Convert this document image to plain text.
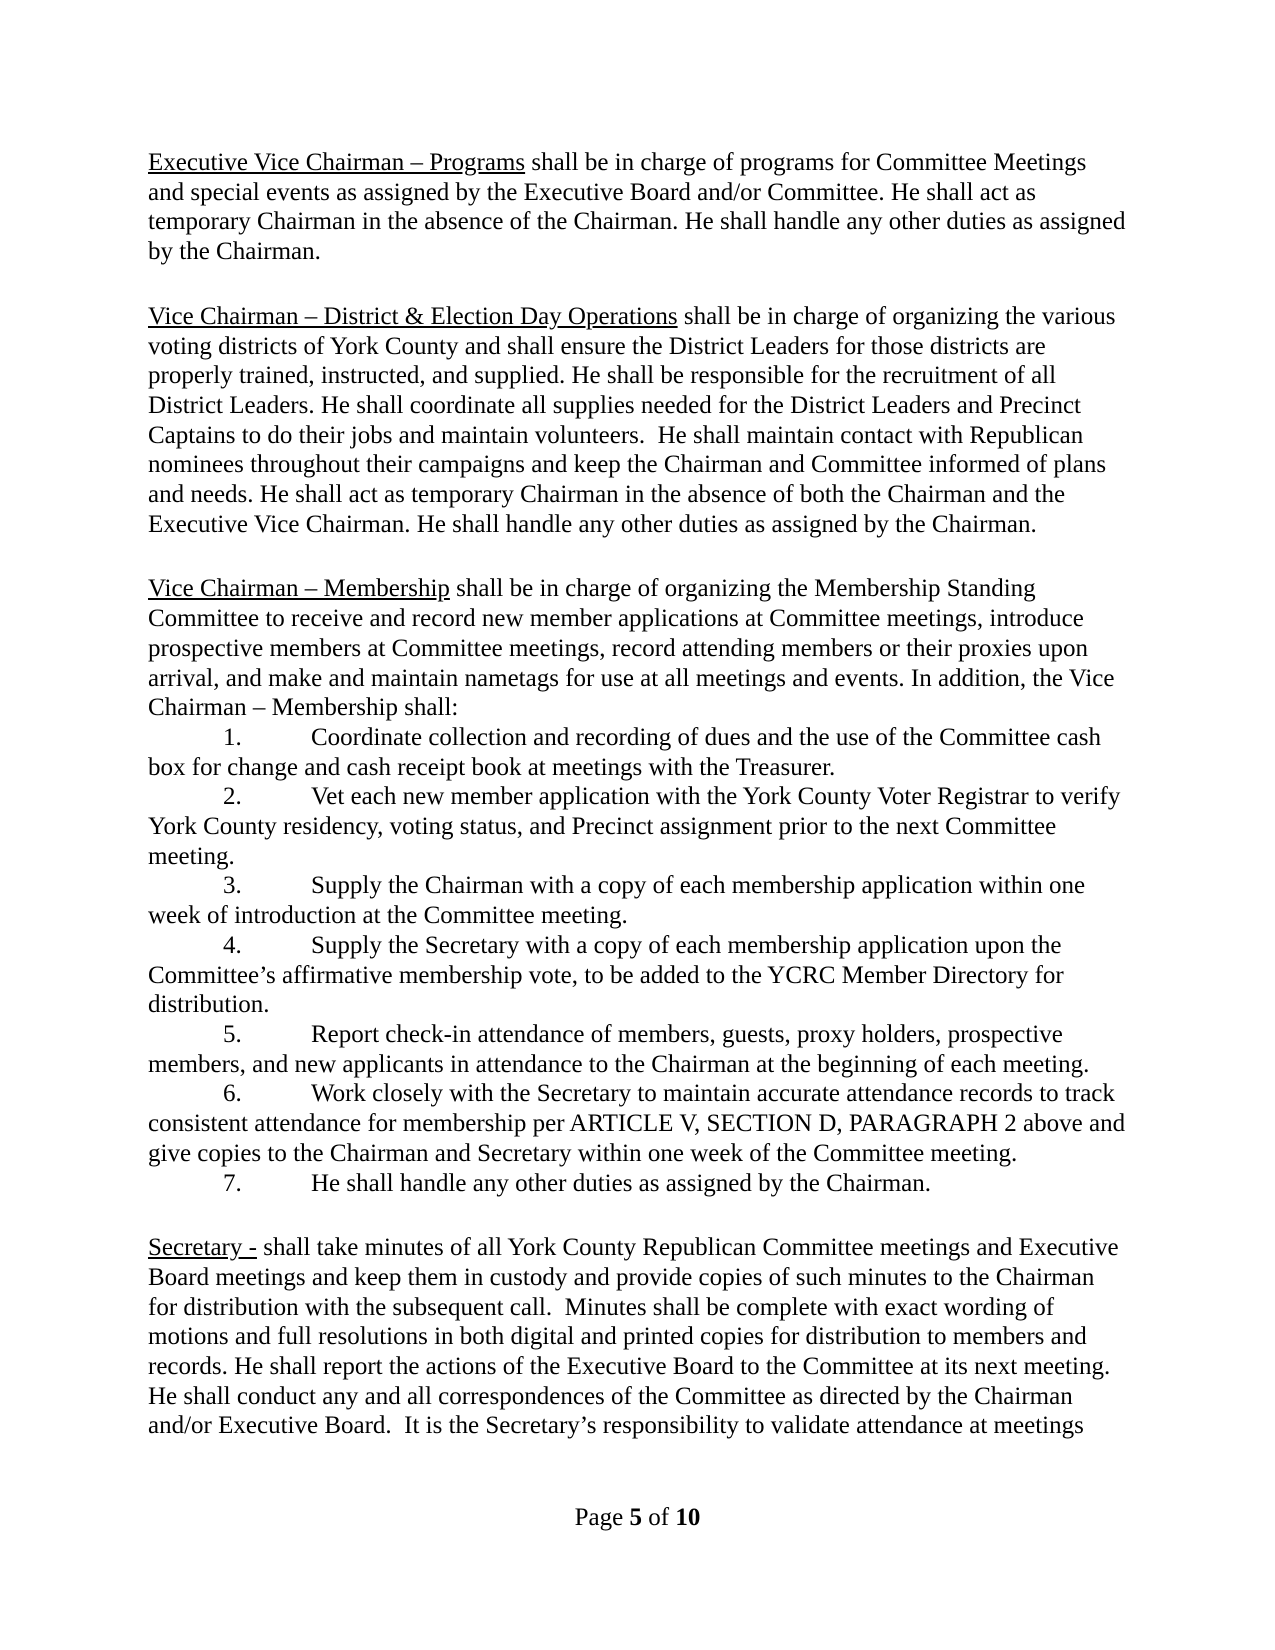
Executive Vice Chairman – Programs shall be in charge of programs for Committee Meetings and special events as assigned by the Executive Board and/or Committee. He shall act as temporary Chairman in the absence of the Chairman. He shall handle any other duties as assigned by the Chairman.

Vice Chairman – District & Election Day Operations shall be in charge of organizing the various voting districts of York County and shall ensure the District Leaders for those districts are properly trained, instructed, and supplied. He shall be responsible for the recruitment of all District Leaders. He shall coordinate all supplies needed for the District Leaders and Precinct Captains to do their jobs and maintain volunteers.  He shall maintain contact with Republican nominees throughout their campaigns and keep the Chairman and Committee informed of plans and needs. He shall act as temporary Chairman in the absence of both the Chairman and the Executive Vice Chairman. He shall handle any other duties as assigned by the Chairman.

Vice Chairman – Membership shall be in charge of organizing the Membership Standing Committee to receive and record new member applications at Committee meetings, introduce prospective members at Committee meetings, record attending members or their proxies upon arrival, and make and maintain nametags for use at all meetings and events. In addition, the Vice Chairman – Membership shall:

1.	Coordinate collection and recording of dues and the use of the Committee cash box for change and cash receipt book at meetings with the Treasurer.

2.	Vet each new member application with the York County Voter Registrar to verify York County residency, voting status, and Precinct assignment prior to the next Committee meeting.

3.	Supply the Chairman with a copy of each membership application within one week of introduction at the Committee meeting.

4.	Supply the Secretary with a copy of each membership application upon the Committee’s affirmative membership vote, to be added to the YCRC Member Directory for distribution.

5.	Report check-in attendance of members, guests, proxy holders, prospective members, and new applicants in attendance to the Chairman at the beginning of each meeting.

6.	Work closely with the Secretary to maintain accurate attendance records to track consistent attendance for membership per ARTICLE V, SECTION D, PARAGRAPH 2 above and give copies to the Chairman and Secretary within one week of the Committee meeting.

7.	He shall handle any other duties as assigned by the Chairman.

Secretary - shall take minutes of all York County Republican Committee meetings and Executive Board meetings and keep them in custody and provide copies of such minutes to the Chairman for distribution with the subsequent call.  Minutes shall be complete with exact wording of motions and full resolutions in both digital and printed copies for distribution to members and records. He shall report the actions of the Executive Board to the Committee at its next meeting. He shall conduct any and all correspondences of the Committee as directed by the Chairman and/or Executive Board.  It is the Secretary’s responsibility to validate attendance at meetings

Page 5 of 10
